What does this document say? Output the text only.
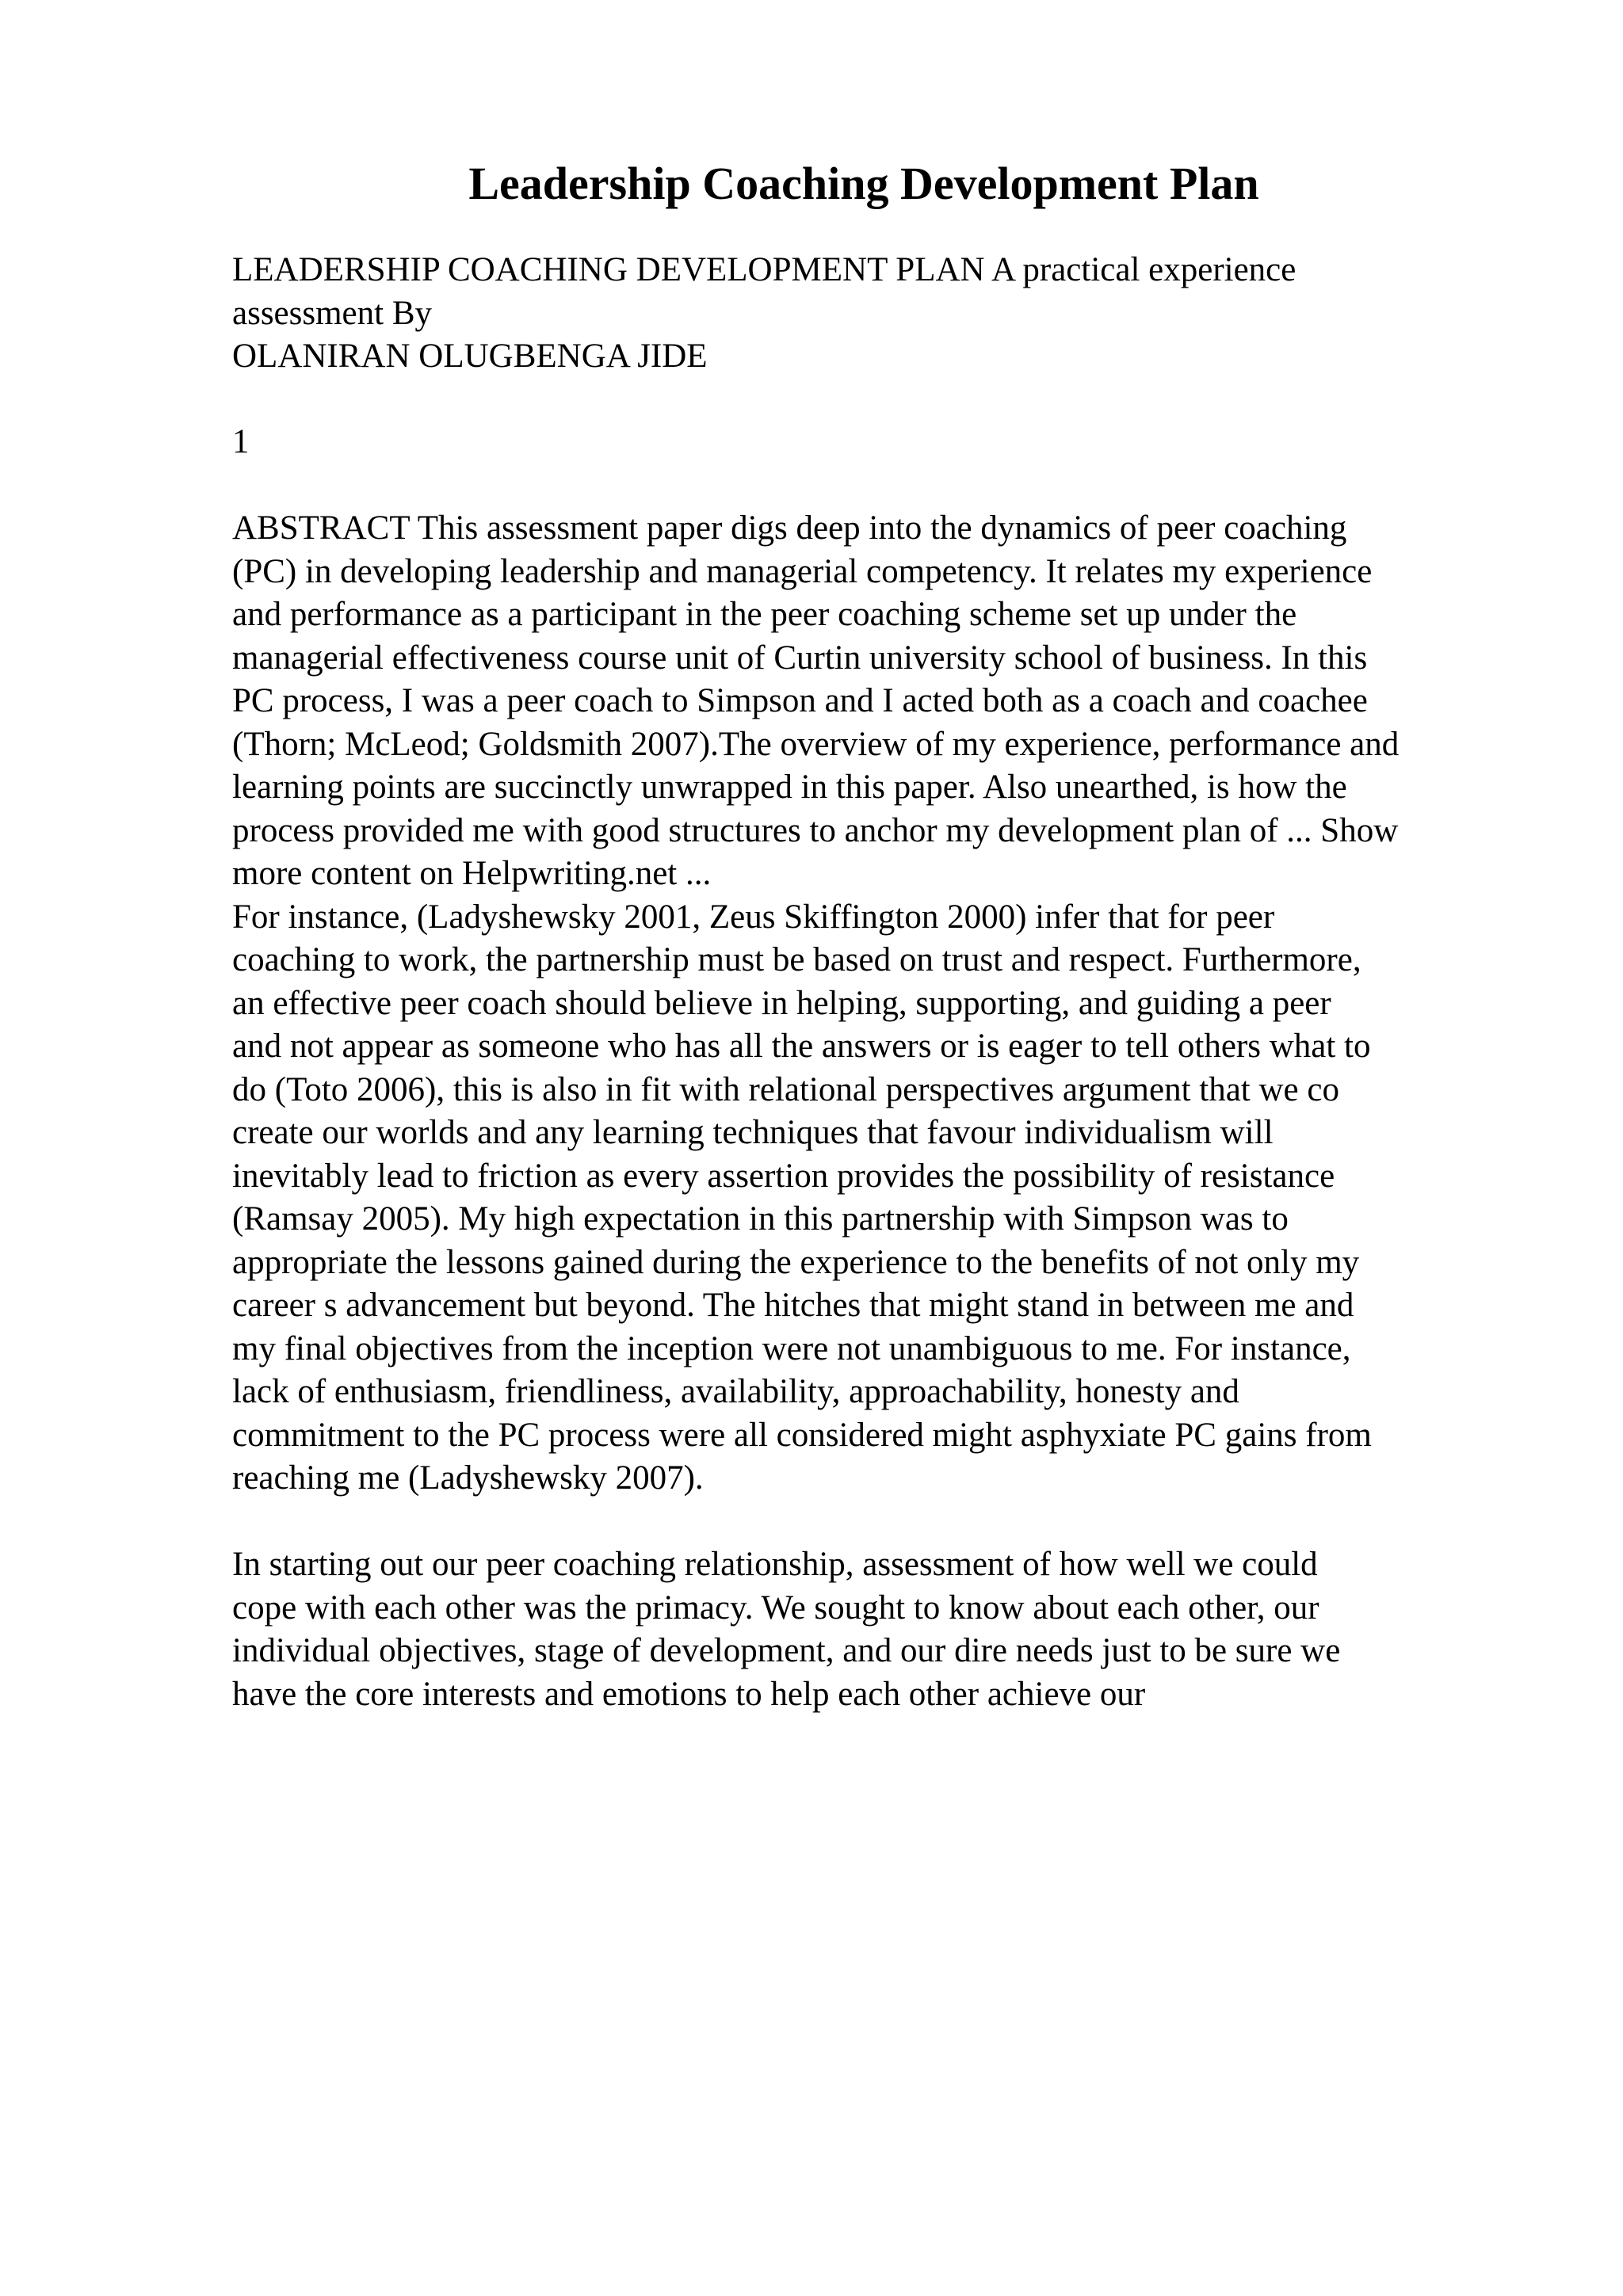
Leadership Coaching Development Plan
LEADERSHIP COACHING DEVELOPMENT PLAN A practical experience
assessment By
OLANIRAN OLUGBENGA JIDE
1
ABSTRACT This assessment paper digs deep into the dynamics of peer coaching
(PC) in developing leadership and managerial competency. It relates my experience
and performance as a participant in the peer coaching scheme set up under the
managerial effectiveness course unit of Curtin university school of business. In this
PC process, I was a peer coach to Simpson and I acted both as a coach and coachee
(Thorn; McLeod; Goldsmith 2007).The overview of my experience, performance and
learning points are succinctly unwrapped in this paper. Also unearthed, is how the
process provided me with good structures to anchor my development plan of ... Show
more content on Helpwriting.net ...
For instance, (Ladyshewsky 2001, Zeus Skiffington 2000) infer that for peer
coaching to work, the partnership must be based on trust and respect. Furthermore,
an effective peer coach should believe in helping, supporting, and guiding a peer
and not appear as someone who has all the answers or is eager to tell others what to
do (Toto 2006), this is also in fit with relational perspectives argument that we co
create our worlds and any learning techniques that favour individualism will
inevitably lead to friction as every assertion provides the possibility of resistance
(Ramsay 2005). My high expectation in this partnership with Simpson was to
appropriate the lessons gained during the experience to the benefits of not only my
career s advancement but beyond. The hitches that might stand in between me and
my final objectives from the inception were not unambiguous to me. For instance,
lack of enthusiasm, friendliness, availability, approachability, honesty and
commitment to the PC process were all considered might asphyxiate PC gains from
reaching me (Ladyshewsky 2007).
In starting out our peer coaching relationship, assessment of how well we could
cope with each other was the primacy. We sought to know about each other, our
individual objectives, stage of development, and our dire needs just to be sure we
have the core interests and emotions to help each other achieve our
